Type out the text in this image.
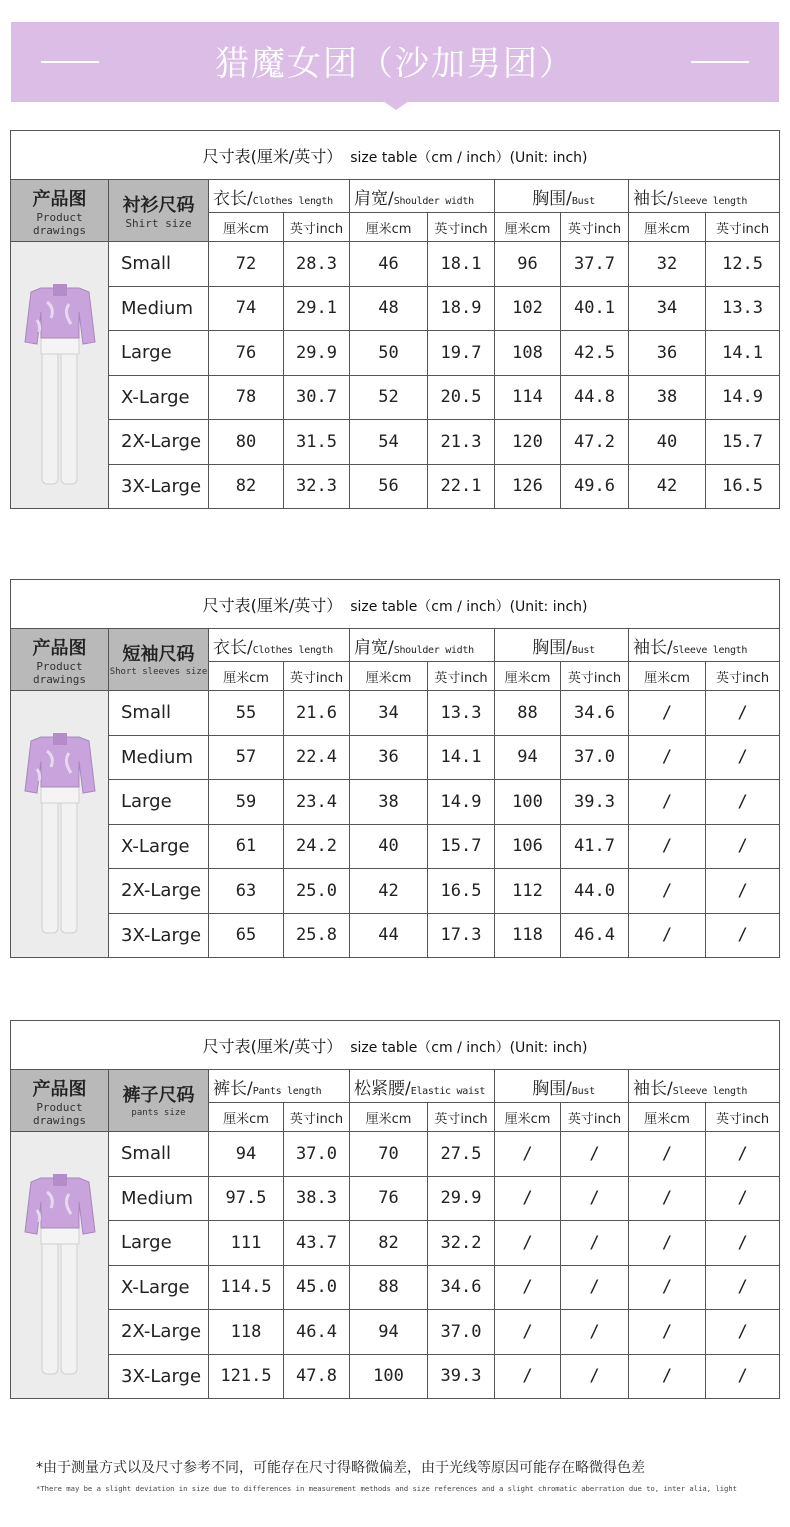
猎魔女团（沙加男团）
尺寸表(厘米/英寸） size table（cm / inch）(Unit: inch)									

产品图
Product
drawings	衬衫尺码
Shirt size	衣长/Clothes length		肩宽/Shoulder width		胸围/Bust		袖长/Sleeve length	
		厘米cm	英寸inch	厘米cm	英寸inch	厘米cm	英寸inch	厘米cm	英寸inch
	Small	72	28.3	46	18.1	96	37.7	32	12.5
	Medium	74	29.1	48	18.9	102	40.1	34	13.3
	Large	76	29.9	50	19.7	108	42.5	36	14.1
	X-Large	78	30.7	52	20.5	114	44.8	38	14.9
	2X-Large	80	31.5	54	21.3	120	47.2	40	15.7
	3X-Large	82	32.3	56	22.1	126	49.6	42	16.5
尺寸表(厘米/英寸） size table（cm / inch）(Unit: inch)									

产品图
Product
drawings	短袖尺码
Short sleeves size	衣长/Clothes length		肩宽/Shoulder width		胸围/Bust		袖长/Sleeve length	
		厘米cm	英寸inch	厘米cm	英寸inch	厘米cm	英寸inch	厘米cm	英寸inch
	Small	55	21.6	34	13.3	88	34.6	/	/
	Medium	57	22.4	36	14.1	94	37.0	/	/
	Large	59	23.4	38	14.9	100	39.3	/	/
	X-Large	61	24.2	40	15.7	106	41.7	/	/
	2X-Large	63	25.0	42	16.5	112	44.0	/	/
	3X-Large	65	25.8	44	17.3	118	46.4	/	/
尺寸表(厘米/英寸） size table（cm / inch）(Unit: inch)									

产品图
Product
drawings	裤子尺码
pants size	裤长/Pants length		松紧腰/Elastic waist		胸围/Bust		袖长/Sleeve length	
		厘米cm	英寸inch	厘米cm	英寸inch	厘米cm	英寸inch	厘米cm	英寸inch
	Small	94	37.0	70	27.5	/	/	/	/
	Medium	97.5	38.3	76	29.9	/	/	/	/
	Large	111	43.7	82	32.2	/	/	/	/
	X-Large	114.5	45.0	88	34.6	/	/	/	/
	2X-Large	118	46.4	94	37.0	/	/	/	/
	3X-Large	121.5	47.8	100	39.3	/	/	/	/
*由于测量方式以及尺寸参考不同，可能存在尺寸得略微偏差，由于光线等原因可能存在略微得色差
*There may be a slight deviation in size due to differences in measurement methods and size references and a slight chromatic aberration due to, inter alia, light
